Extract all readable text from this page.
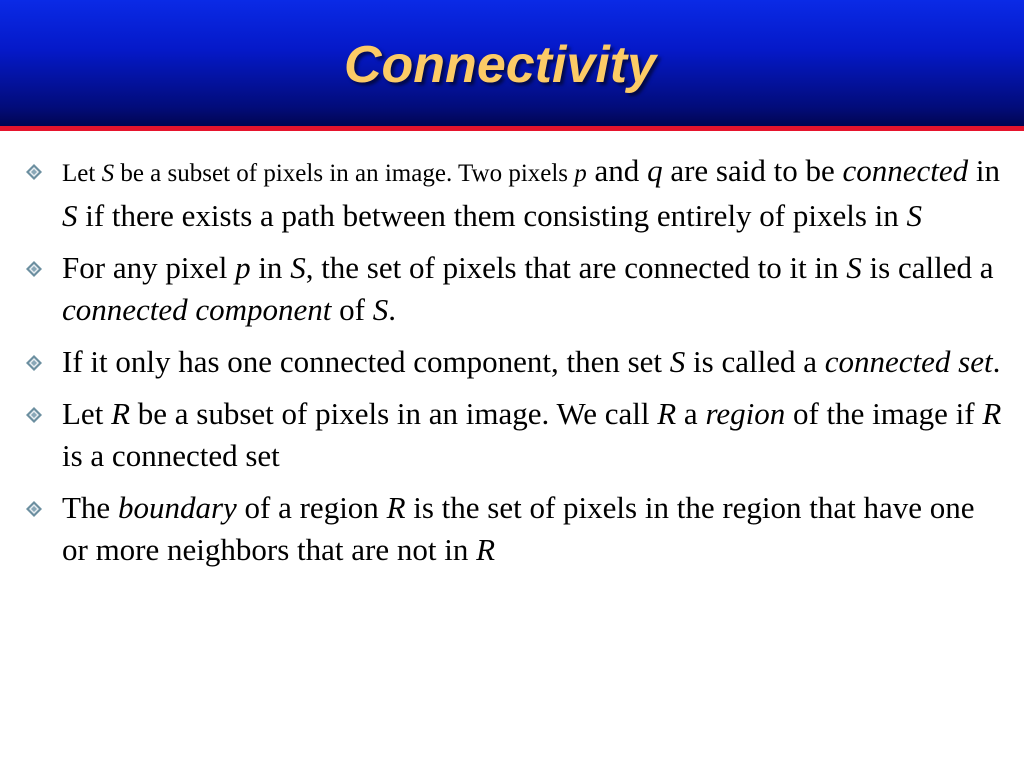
Connectivity
Let S be a subset of pixels in an image. Two pixels p and q are said to be connected in S if there exists a path between them consisting entirely of pixels in S
For any pixel p in S, the set of pixels that are connected to it in S is called a connected component of S.
If it only has one connected component, then set S is called a connected set.
Let R be a subset of pixels in an image. We call R a region of the image if R is a connected set
The boundary of a region R is the set of pixels in the region that have one or more neighbors that are not in R
